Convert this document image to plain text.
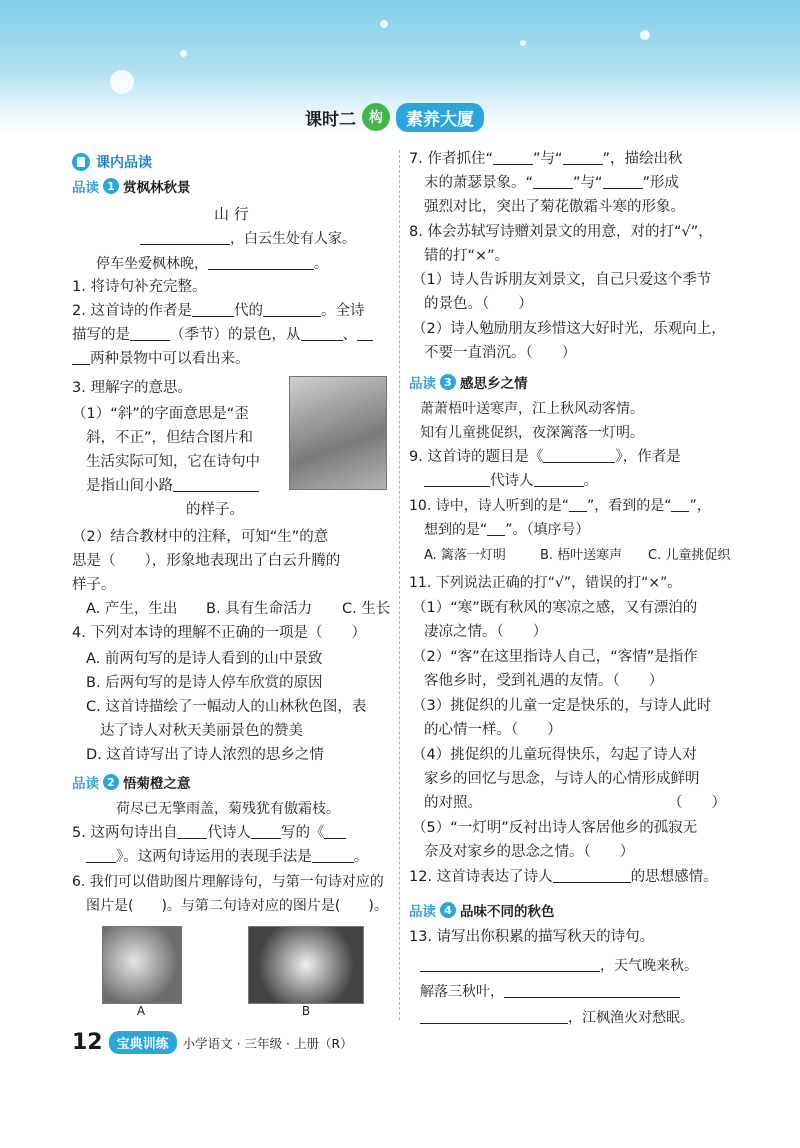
课时二 构	素养大厦
课内品读
品读 1 赏枫林秋景
山 行
，白云生处有人家。
停车坐爱枫林晚，	。
1. 将诗句补充完整。
2. 这首诗的作者是	代的	。全诗
描写的是	（季节）的景色，从	、
两种景物中可以看出来。
3. 理解字的意思。
（1）“斜”的字面意思是“歪
斜，不正”，但结合图片和
生活实际可知，它在诗句中
是指山间小路
的样子。
（2）结合教材中的注释，可知“生”的意
思是（　　），形象地表现出了白云升腾的
样子。
A. 产生，生出 B. 具有生命活力 C. 生长
4. 下列对本诗的理解不正确的一项是（　　）
A. 前两句写的是诗人看到的山中景致
B. 后两句写的是诗人停车欣赏的原因
C. 这首诗描绘了一幅动人的山林秋色图，表
达了诗人对秋天美丽景色的赞美
D. 这首诗写出了诗人浓烈的思乡之情
品读 2 悟菊橙之意
荷尽已无擎雨盖，菊残犹有傲霜枝。
5. 这两句诗出自 代诗人 写的《
》。这两句诗运用的表现手法是	。
6. 我们可以借助图片理解诗句，与第一句诗对应的
图片是(　　)。与第二句诗对应的图片是(　　)。
A	B
7. 作者抓住“	”与“	”，描绘出秋
末的萧瑟景象。“	”与“	”形成
强烈对比，突出了菊花傲霜斗寒的形象。
8. 体会苏轼写诗赠刘景文的用意，对的打“√”，
错的打“×”。
（1）诗人告诉朋友刘景文，自己只爱这个季节
的景色。（　　）
（2）诗人勉励朋友珍惜这大好时光，乐观向上，
不要一直消沉。（　　）
品读 3 感思乡之情
萧萧梧叶送寒声，江上秋风动客情。
知有儿童挑促织，夜深篱落一灯明。
9. 这首诗的题目是《	》，作者是
代诗人	。
10. 诗中，诗人听到的是“ ”，看到的是“ ”，
想到的是“ ”。（填序号）
A. 篱落一灯明	B. 梧叶送寒声 C. 儿童挑促织
11. 下列说法正确的打“√”，错误的打“×”。
（1）“寒”既有秋风的寒凉之感，又有漂泊的
凄凉之情。（　　）
（2）“客”在这里指诗人自己，“客情”是指作
客他乡时，受到礼遇的友情。（　　）
（3）挑促织的儿童一定是快乐的，与诗人此时
的心情一样。（　　）
（4）挑促织的儿童玩得快乐，勾起了诗人对
家乡的回忆与思念，与诗人的心情形成鲜明
的对照。	（　　）
（5）“一灯明”反衬出诗人客居他乡的孤寂无
奈及对家乡的思念之情。（　　）
12. 这首诗表达了诗人	的思想感情。
品读 4 品味不同的秋色
13. 请写出你积累的描写秋天的诗句。
，天气晚来秋。
解落三秋叶，
，江枫渔火对愁眠。
12	宝典训练	小学语文 · 三年级 · 上册（R）
